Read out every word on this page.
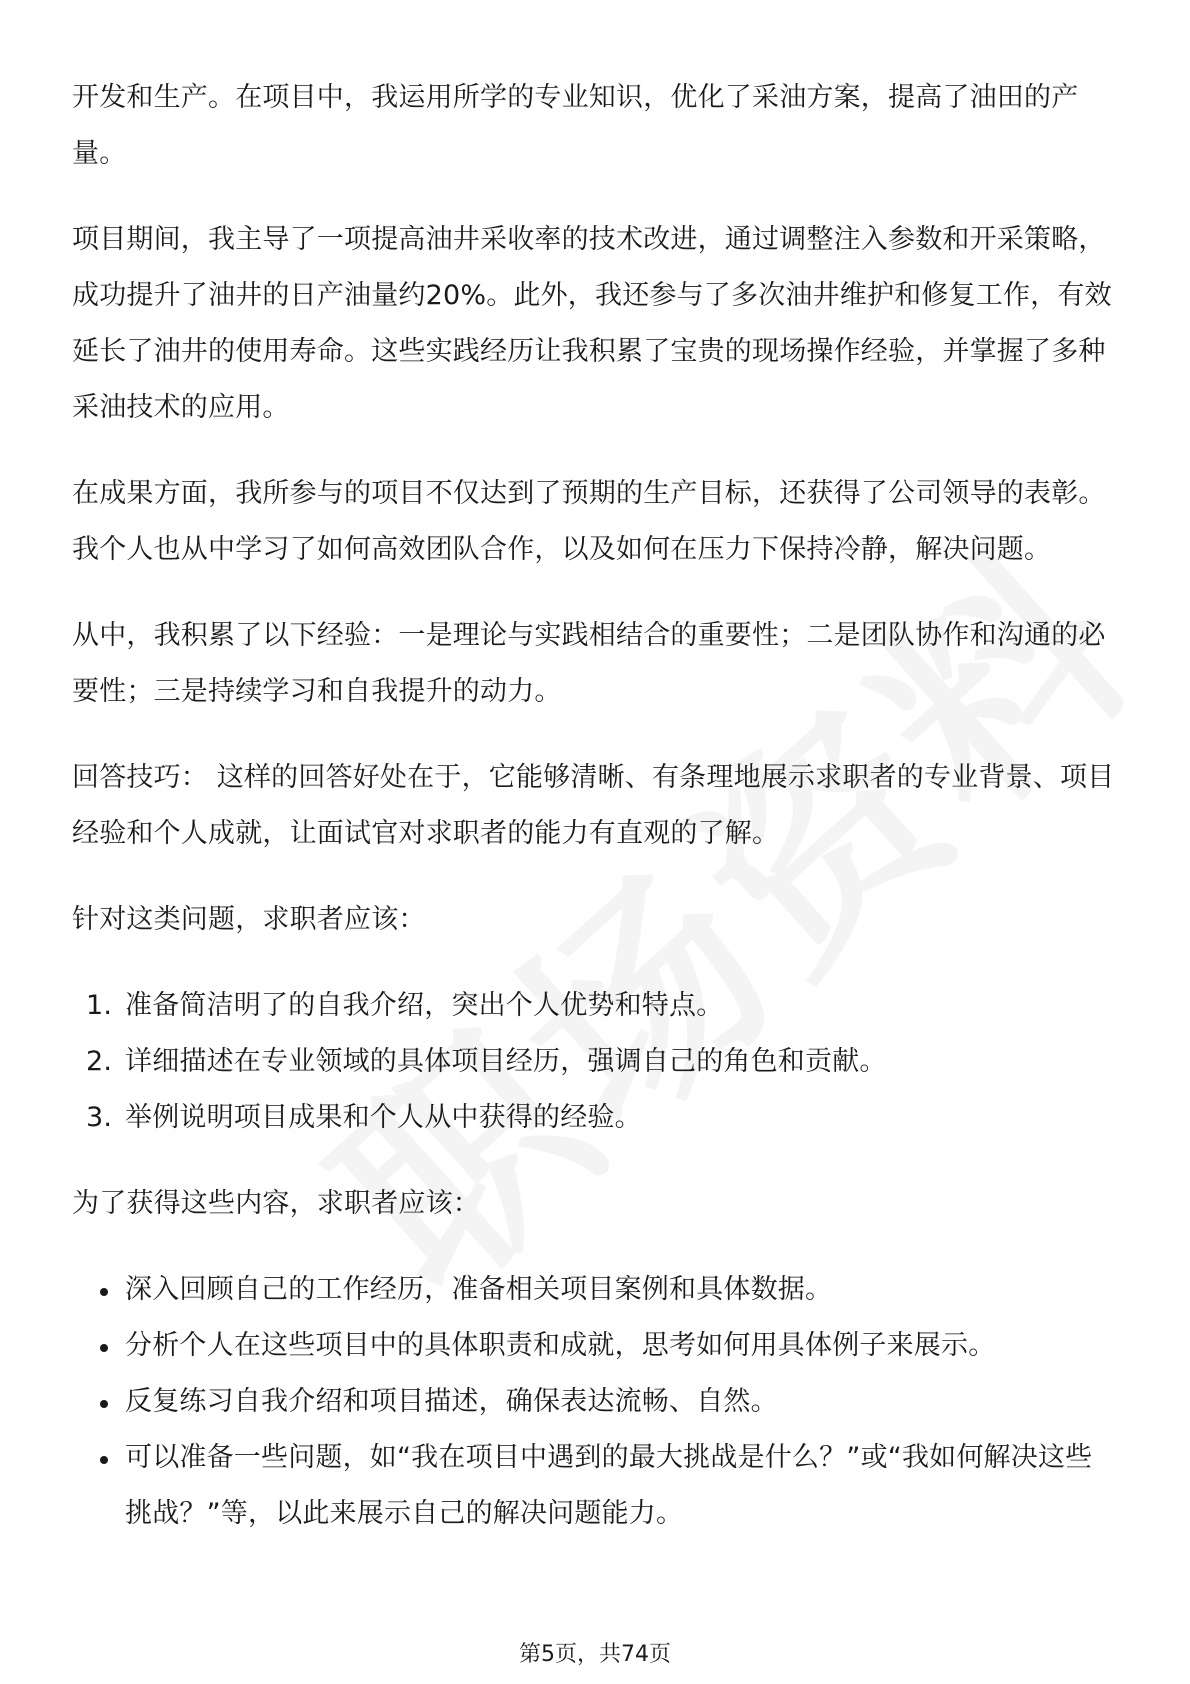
开发和生产。在项目中，我运用所学的专业知识，优化了采油方案，提高了油田的产量。

项目期间，我主导了一项提高油井采收率的技术改进，通过调整注入参数和开采策略，成功提升了油井的日产油量约20%。此外，我还参与了多次油井维护和修复工作，有效延长了油井的使用寿命。这些实践经历让我积累了宝贵的现场操作经验，并掌握了多种采油技术的应用。

在成果方面，我所参与的项目不仅达到了预期的生产目标，还获得了公司领导的表彰。我个人也从中学习了如何高效团队合作，以及如何在压力下保持冷静，解决问题。

从中，我积累了以下经验：一是理论与实践相结合的重要性；二是团队协作和沟通的必要性；三是持续学习和自我提升的动力。

回答技巧： 这样的回答好处在于，它能够清晰、有条理地展示求职者的专业背景、项目经验和个人成就，让面试官对求职者的能力有直观的了解。

针对这类问题，求职者应该：

1. 准备简洁明了的自我介绍，突出个人优势和特点。
2. 详细描述在专业领域的具体项目经历，强调自己的角色和贡献。
3. 举例说明项目成果和个人从中获得的经验。

为了获得这些内容，求职者应该：

深入回顾自己的工作经历，准备相关项目案例和具体数据。
分析个人在这些项目中的具体职责和成就，思考如何用具体例子来展示。
反复练习自我介绍和项目描述，确保表达流畅、自然。
可以准备一些问题，如“我在项目中遇到的最大挑战是什么？”或“我如何解决这些挑战？”等，以此来展示自己的解决问题能力。
第5页，共74页
